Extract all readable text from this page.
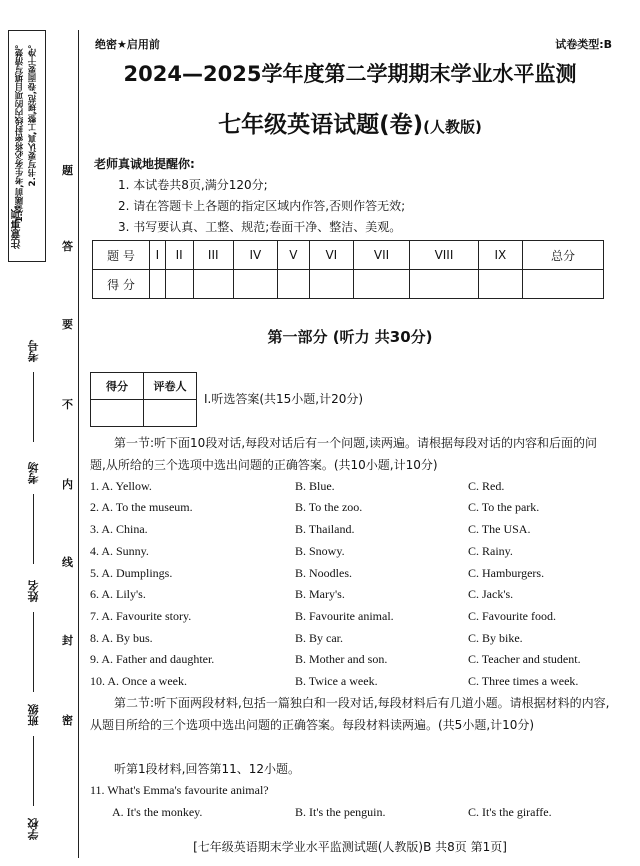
注意事项:
1.答题前,考生务必将密封线内的项目填写清楚。 2.书写要认真,工整,规范,卷面要干净。 题
答
要
不
内
线
封
密
考号
考场
姓名
班级
学校
绝密★启用前	试卷类型:B
2024—2025学年度第二学期期末学业水平监测
七年级英语试题(卷)(人教版)
老师真诚地提醒你:
1. 本试卷共8页,满分120分;
2. 请在答题卡上各题的指定区域内作答,否则作答无效;
3. 书写要认真、工整、规范;卷面干净、整洁、美观。
题 号	I	II	III	IV	V	VI	VII	VIII	IX	总分
得 分										
第一部分 (听力 共30分)
得分	评卷人

I.听选答案(共15小题,计20分)
第一节:听下面10段对话,每段对话后有一个问题,读两遍。请根据每段对话的内容和后面的问题,从所给的三个选项中选出问题的正确答案。(共10小题,计10分)
1. A. Yellow.	B. Blue.	C. Red.
2. A. To the museum.	B. To the zoo.	C. To the park.
3. A. China.	B. Thailand.	C. The USA.
4. A. Sunny.	B. Snowy.	C. Rainy.
5. A. Dumplings.	B. Noodles.	C. Hamburgers.
6. A. Lily's.	B. Mary's.	C. Jack's.
7. A. Favourite story.	B. Favourite animal.	C. Favourite food.
8. A. By bus.	B. By car.	C. By bike.
9. A. Father and daughter.	B. Mother and son.	C. Teacher and student.
10. A. Once a week.	B. Twice a week.	C. Three times a week.
第二节:听下面两段材料,包括一篇独白和一段对话,每段材料后有几道小题。请根据材料的内容,从题目所给的三个选项中选出问题的正确答案。每段材料读两遍。(共5小题,计10分)
听第1段材料,回答第11、12小题。
11. What's Emma's favourite animal?
A. It's the monkey.	B. It's the penguin.	C. It's the giraffe.
[七年级英语期末学业水平监测试题(人教版)B 共8页 第1页]
